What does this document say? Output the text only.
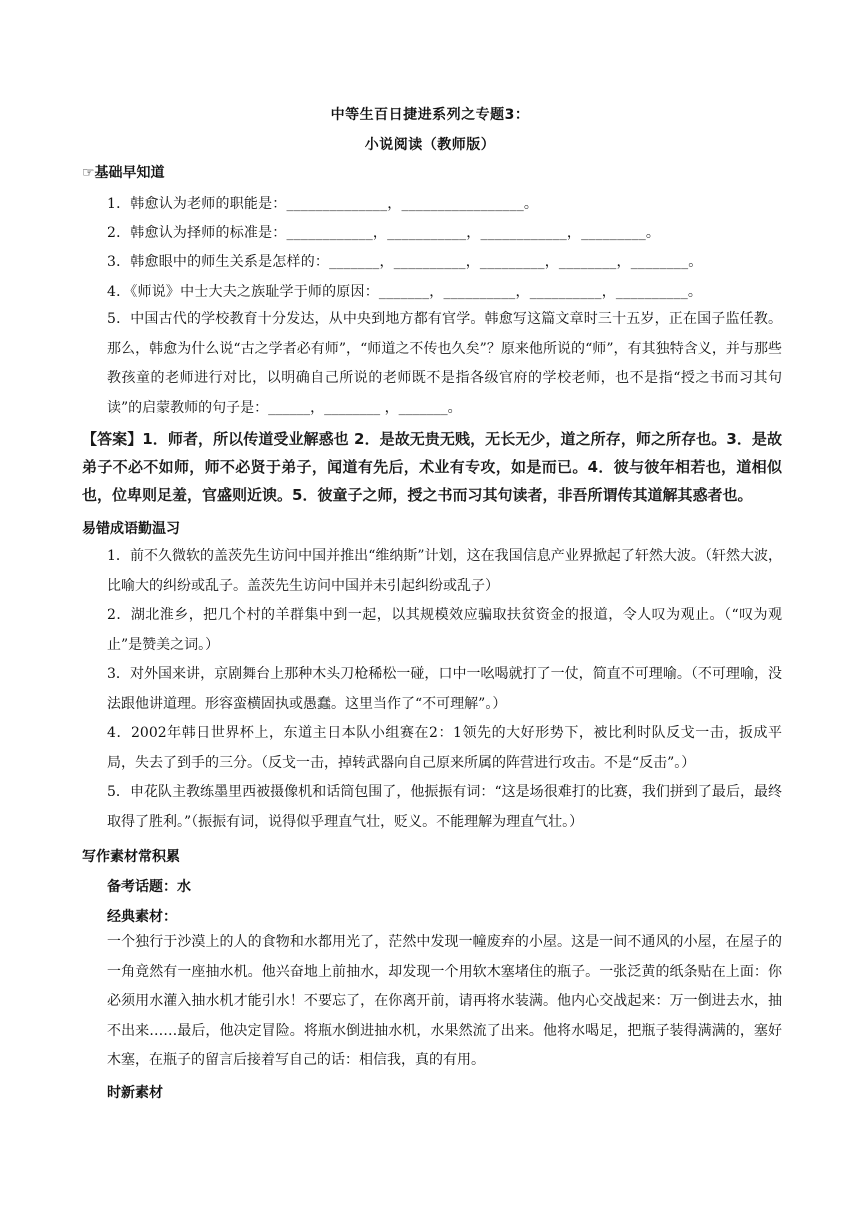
中等生百日捷进系列之专题3：
小说阅读（教师版）
☞基础早知道
1．韩愈认为老师的职能是：______________，_________________。
2．韩愈认为择师的标准是：____________，___________，____________，_________。
3．韩愈眼中的师生关系是怎样的：_______，__________，_________，________，________。
4．《师说》中士大夫之族耻学于师的原因：_______，__________，__________，__________。
5．中国古代的学校教育十分发达，从中央到地方都有官学。韩愈写这篇文章时三十五岁，正在国子监任教。那么，韩愈为什么说“古之学者必有师”，“师道之不传也久矣”？原来他所说的“师”，有其独特含义，并与那些教孩童的老师进行对比，以明确自己所说的老师既不是指各级官府的学校老师，也不是指“授之书而习其句读”的启蒙教师的句子是：______，________ ，_______。
【答案】1．师者，所以传道受业解惑也 2．是故无贵无贱，无长无少，道之所存，师之所存也。3．是故弟子不必不如师，师不必贤于弟子，闻道有先后，术业有专攻，如是而已。4．彼与彼年相若也，道相似也，位卑则足羞，官盛则近谀。5．彼童子之师，授之书而习其句读者，非吾所谓传其道解其惑者也。
易错成语勤温习
1．前不久微软的盖茨先生访问中国并推出“维纳斯”计划，这在我国信息产业界掀起了轩然大波。（轩然大波，比喻大的纠纷或乱子。盖茨先生访问中国并未引起纠纷或乱子）
2．湖北淮乡，把几个村的羊群集中到一起，以其规模效应骗取扶贫资金的报道，令人叹为观止。（“叹为观止”是赞美之词。）
3．对外国来讲，京剧舞台上那种木头刀枪稀松一碰，口中一吆喝就打了一仗，简直不可理喻。（不可理喻，没法跟他讲道理。形容蛮横固执或愚蠢。这里当作了“不可理解”。）
4．2002年韩日世界杯上，东道主日本队小组赛在2：1领先的大好形势下，被比利时队反戈一击，扳成平局，失去了到手的三分。（反戈一击，掉转武器向自己原来所属的阵营进行攻击。不是“反击”。）
5．申花队主教练墨里西被摄像机和话筒包围了，他振振有词：“这是场很难打的比赛，我们拼到了最后，最终取得了胜利。”（振振有词，说得似乎理直气壮，贬义。不能理解为理直气壮。）
写作素材常积累
备考话题：水
经典素材：
一个独行于沙漠上的人的食物和水都用光了，茫然中发现一幢废弃的小屋。这是一间不通风的小屋，在屋子的一角竟然有一座抽水机。他兴奋地上前抽水，却发现一个用软木塞堵住的瓶子。一张泛黄的纸条贴在上面：你必须用水灌入抽水机才能引水！不要忘了，在你离开前，请再将水装满。他内心交战起来：万一倒进去水，抽不出来……最后，他决定冒险。将瓶水倒进抽水机，水果然流了出来。他将水喝足，把瓶子装得满满的，塞好木塞，在瓶子的留言后接着写自己的话：相信我，真的有用。
时新素材
